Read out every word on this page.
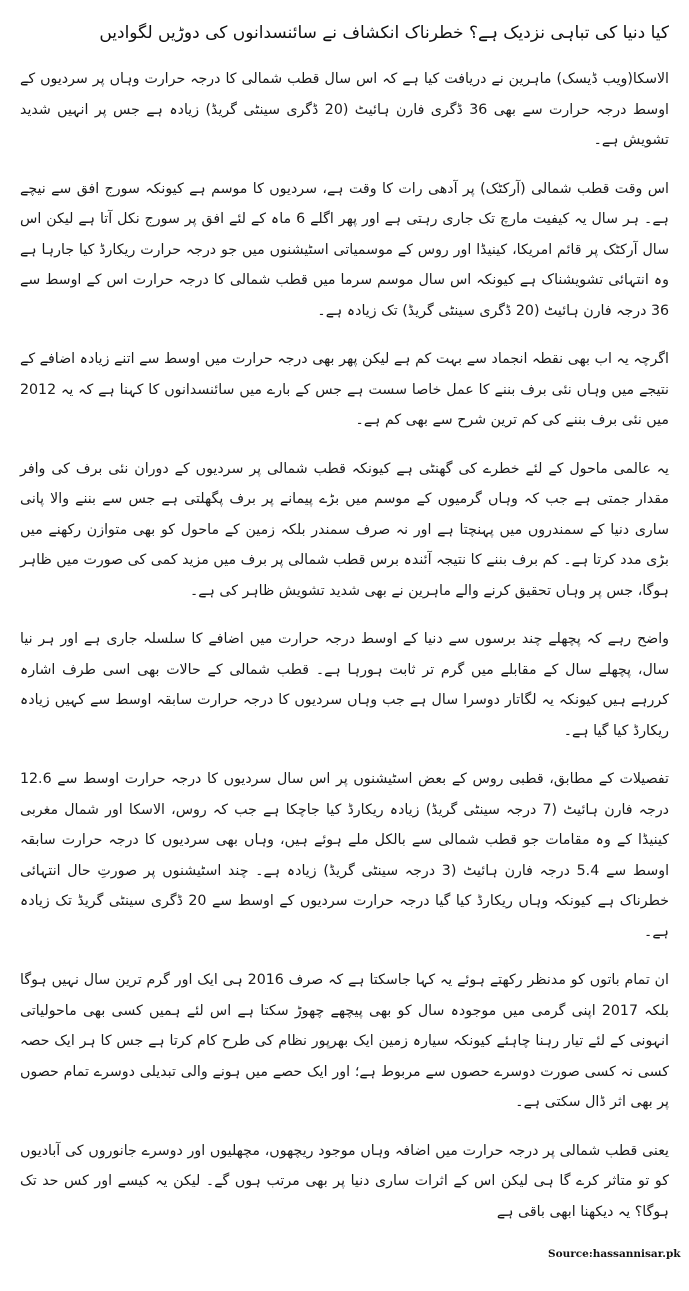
کیا دنیا کی تباہی نزدیک ہے؟ خطرناک انکشاف نے سائنسدانوں کی دوڑیں لگوادیں

الاسکا(ویب ڈیسک) ماہرین نے دریافت کیا ہے کہ اس سال قطب شمالی کا درجہ حرارت وہاں پر سردیوں کے اوسط درجہ حرارت سے بھی 36 ڈگری فارن ہائیٹ (20 ڈگری سینٹی گریڈ) زیادہ ہے جس پر انہیں شدید تشویش ہے۔

اس وقت قطب شمالی (آرکٹک) پر آدھی رات کا وقت ہے، سردیوں کا موسم ہے کیونکہ سورج افق سے نیچے ہے۔ ہر سال یہ کیفیت مارچ تک جاری رہتی ہے اور پھر اگلے 6 ماہ کے لئے افق پر سورج نکل آتا ہے لیکن اس سال آرکٹک پر قائم امریکا، کینیڈا اور روس کے موسمیاتی اسٹیشنوں میں جو درجہ حرارت ریکارڈ کیا جارہا ہے وہ انتہائی تشویشناک ہے کیونکہ اس سال موسم سرما میں قطب شمالی کا درجہ حرارت اس کے اوسط سے 36 درجہ فارن ہائیٹ (20 ڈگری سینٹی گریڈ) تک زیادہ ہے۔

اگرچہ یہ اب بھی نقطہ انجماد سے بہت کم ہے لیکن پھر بھی درجہ حرارت میں اوسط سے اتنے زیادہ اضافے کے نتیجے میں وہاں نئی برف بننے کا عمل خاصا سست ہے جس کے بارے میں سائنسدانوں کا کہنا ہے کہ یہ 2012 میں نئی برف بننے کی کم ترین شرح سے بھی کم ہے۔

یہ عالمی ماحول کے لئے خطرے کی گھنٹی ہے کیونکہ قطب شمالی پر سردیوں کے دوران نئی برف کی وافر مقدار جمتی ہے جب کہ وہاں گرمیوں کے موسم میں بڑے پیمانے پر برف پگھلتی ہے جس سے بننے والا پانی ساری دنیا کے سمندروں میں پہنچتا ہے اور نہ صرف سمندر بلکہ زمین کے ماحول کو بھی متوازن رکھنے میں بڑی مدد کرتا ہے۔ کم برف بننے کا نتیجہ آئندہ برس قطب شمالی پر برف میں مزید کمی کی صورت میں ظاہر ہوگا، جس پر وہاں تحقیق کرنے والے ماہرین نے بھی شدید تشویش ظاہر کی ہے۔

واضح رہے کہ پچھلے چند برسوں سے دنیا کے اوسط درجہ حرارت میں اضافے کا سلسلہ جاری ہے اور ہر نیا سال، پچھلے سال کے مقابلے میں گرم تر ثابت ہورہا ہے۔ قطب شمالی کے حالات بھی اسی طرف اشارہ کررہے ہیں کیونکہ یہ لگاتار دوسرا سال ہے جب وہاں سردیوں کا درجہ حرارت سابقہ اوسط سے کہیں زیادہ ریکارڈ کیا گیا ہے۔

تفصیلات کے مطابق، قطبی روس کے بعض اسٹیشنوں پر اس سال سردیوں کا درجہ حرارت اوسط سے 12.6 درجہ فارن ہائیٹ (7 درجہ سینٹی گریڈ) زیادہ ریکارڈ کیا جاچکا ہے جب کہ روس، الاسکا اور شمال مغربی کینیڈا کے وہ مقامات جو قطب شمالی سے بالکل ملے ہوئے ہیں، وہاں بھی سردیوں کا درجہ حرارت سابقہ اوسط سے 5.4 درجہ فارن ہائیٹ (3 درجہ سینٹی گریڈ) زیادہ ہے۔ چند اسٹیشنوں پر صورتِ حال انتہائی خطرناک ہے کیونکہ وہاں ریکارڈ کیا گیا درجہ حرارت سردیوں کے اوسط سے 20 ڈگری سینٹی گریڈ تک زیادہ ہے۔

ان تمام باتوں کو مدنظر رکھتے ہوئے یہ کہا جاسکتا ہے کہ صرف 2016 ہی ایک اور گرم ترین سال نہیں ہوگا بلکہ 2017 اپنی گرمی میں موجودہ سال کو بھی پیچھے چھوڑ سکتا ہے اس لئے ہمیں کسی بھی ماحولیاتی انہونی کے لئے تیار رہنا چاہئے کیونکہ سیارہ زمین ایک بھرپور نظام کی طرح کام کرتا ہے جس کا ہر ایک حصہ کسی نہ کسی صورت دوسرے حصوں سے مربوط ہے؛ اور ایک حصے میں ہونے والی تبدیلی دوسرے تمام حصوں پر بھی اثر ڈال سکتی ہے۔

یعنی قطب شمالی پر درجہ حرارت میں اضافہ وہاں موجود ریچھوں، مچھلیوں اور دوسرے جانوروں کی آبادیوں کو تو متاثر کرے گا ہی لیکن اس کے اثرات ساری دنیا پر بھی مرتب ہوں گے۔ لیکن یہ کیسے اور کس حد تک ہوگا؟ یہ دیکھنا ابھی باقی ہے

Source:hassannisar.pk
